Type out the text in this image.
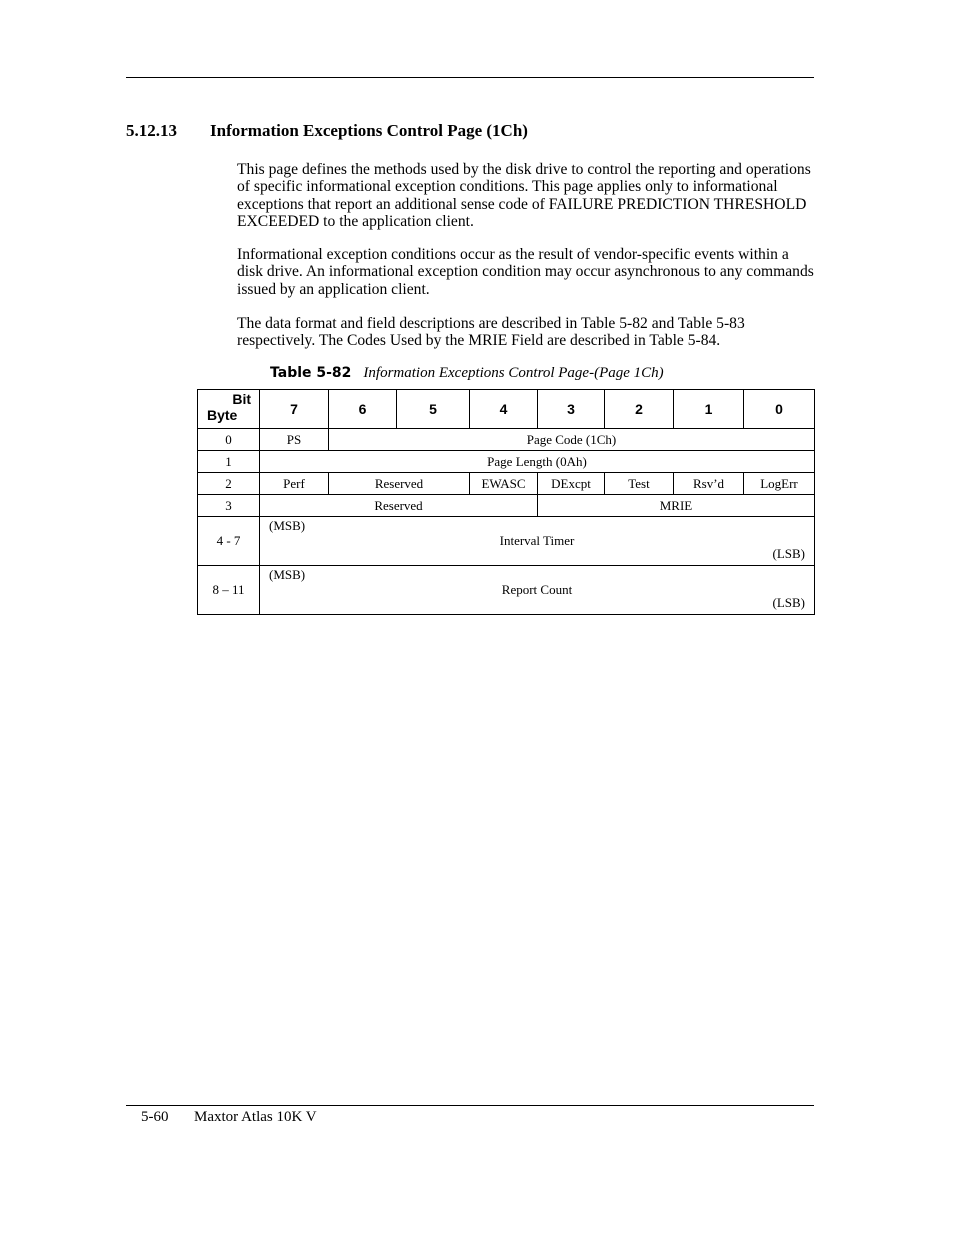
5.12.13 Information Exceptions Control Page (1Ch)

This page defines the methods used by the disk drive to control the reporting and operations of specific informational exception conditions. This page applies only to informational exceptions that report an additional sense code of FAILURE PREDICTION THRESHOLD EXCEEDED to the application client.

Informational exception conditions occur as the result of vendor-specific events within a disk drive. An informational exception condition may occur asynchronous to any commands issued by an application client.

The data format and field descriptions are described in Table 5-82 and Table 5-83 respectively. The Codes Used by the MRIE Field are described in Table 5-84.

Table 5-82 Information Exceptions Control Page-(Page 1Ch)
Bit
Byte	7	6	5	4	3	2	1	0
0	PS	Page Code (1Ch)						
1	Page Length (0Ah)							
2	Perf	Reserved		EWASC	DExcpt	Test	Rsv’d	LogErr
3	Reserved				MRIE			
4 - 7	(MSB)
Interval Timer
(LSB)							

8 – 11	(MSB)
Report Count
(LSB)							
5-60 Maxtor Atlas 10K V
